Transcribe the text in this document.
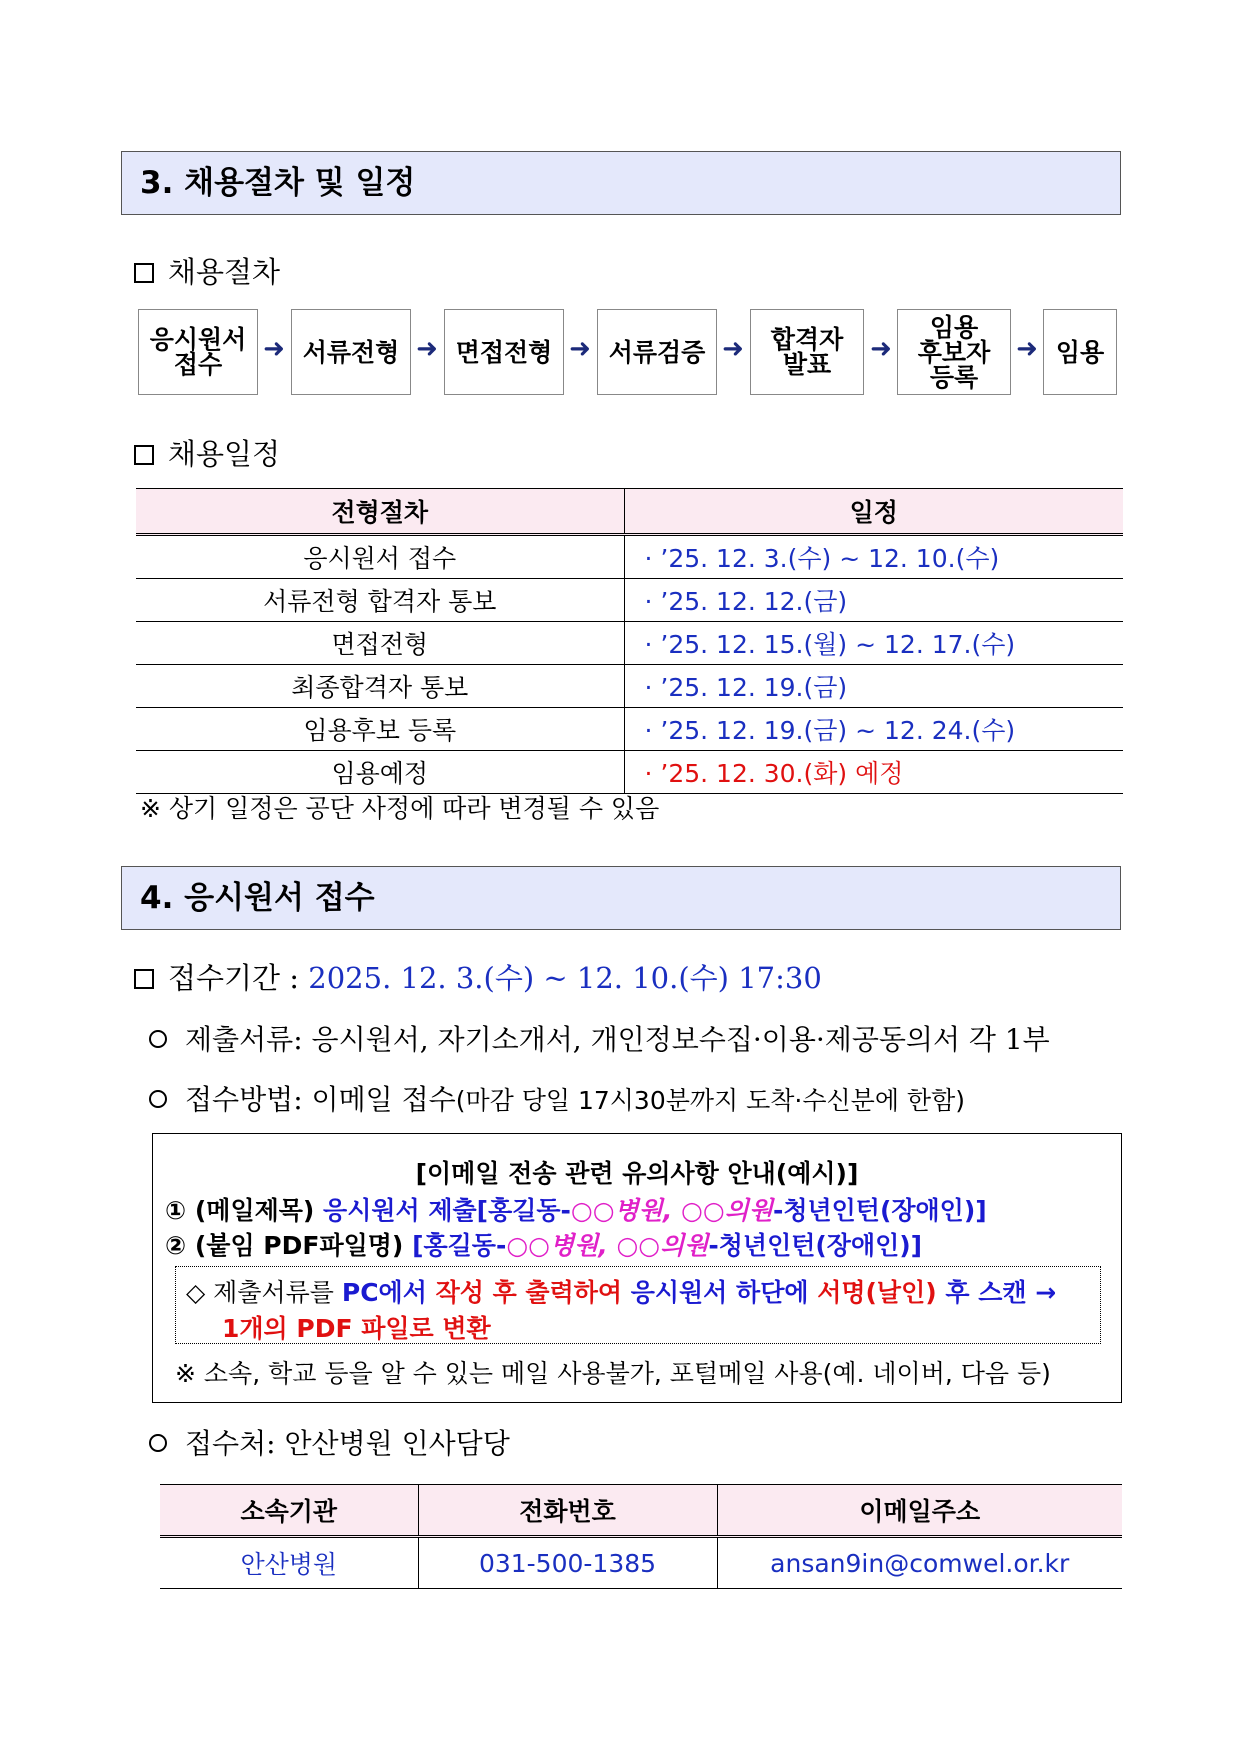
3. 채용절차 및 일정
채용절차
응시원서
접수
➜ 서류전형 ➜ 면접전형 ➜ 서류검증 ➜ 합격자
발표
➜
임용
후보자
등록
➜ 임용
채용일정
전형절차	일정
응시원서 접수	· ’25. 12. 3.(수) ~ 12. 10.(수)
서류전형 합격자 통보	· ’25. 12. 12.(금)
면접전형	· ’25. 12. 15.(월) ~ 12. 17.(수)
최종합격자 통보	· ’25. 12. 19.(금)
임용후보 등록	· ’25. 12. 19.(금) ~ 12. 24.(수)
임용예정	· ’25. 12. 30.(화) 예정
※ 상기 일정은 공단 사정에 따라 변경될 수 있음
4. 응시원서 접수
접수기간 : 2025. 12. 3.(수) ~ 12. 10.(수) 17:30
제출서류: 응시원서, 자기소개서, 개인정보수집·이용·제공동의서 각 1부
접수방법: 이메일 접수(마감 당일 17시30분까지 도착·수신분에 한함)
[이메일 전송 관련 유의사항 안내(예시)]
① (메일제목) 응시원서 제출[홍길동-○○병원, ○○의원-청년인턴(장애인)]
② (붙임 PDF파일명) [홍길동-○○병원, ○○의원-청년인턴(장애인)]
◇ 제출서류를 PC에서 작성 후 출력하여 응시원서 하단에 서명(날인) 후 스캔 →
1개의 PDF 파일로 변환
※ 소속, 학교 등을 알 수 있는 메일 사용불가, 포털메일 사용(예. 네이버, 다음 등)
접수처: 안산병원 인사담당
소속기관	전화번호	이메일주소
안산병원	031-500-1385	ansan9in@comwel.or.kr
